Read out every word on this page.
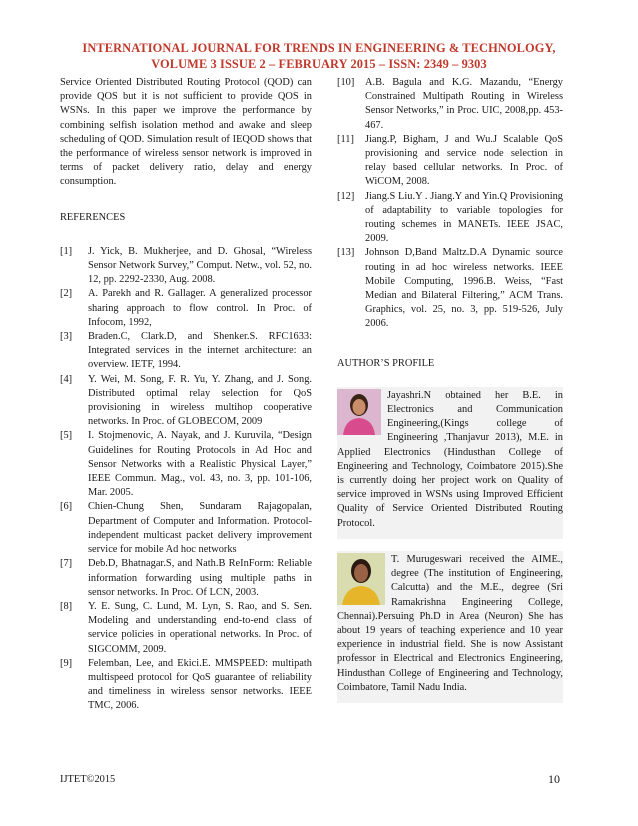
INTERNATIONAL JOURNAL FOR TRENDS IN ENGINEERING & TECHNOLOGY,
VOLUME 3 ISSUE 2 – FEBRUARY 2015 – ISSN: 2349 – 9303

Service Oriented Distributed Routing Protocol (QOD) can provide QOS but it is not sufficient to provide QOS in WSNs. In this paper we improve the performance by combining selfish isolation method and awake and sleep scheduling of QOD. Simulation result of IEQOD shows that the performance of wireless sensor network is improved in terms of packet delivery ratio, delay and energy consumption.

REFERENCES
[1]	J. Yick, B. Mukherjee, and D. Ghosal, “Wireless Sensor Network Survey,” Comput. Netw., vol. 52, no. 12, pp. 2292-2330, Aug. 2008.
[2]	A. Parekh and R. Gallager. A generalized processor sharing approach to flow control. In Proc. of Infocom, 1992,
[3]	Braden.C, Clark.D, and Shenker.S. RFC1633: Integrated services in the internet architecture: an overview. IETF, 1994.
[4]	Y. Wei, M. Song, F. R. Yu, Y. Zhang, and J. Song. Distributed optimal relay selection for QoS provisioning in wireless multihop cooperative networks. In Proc. of GLOBECOM, 2009
[5]	I. Stojmenovic, A. Nayak, and J. Kuruvila, “Design Guidelines for Routing Protocols in Ad Hoc and Sensor Networks with a Realistic Physical Layer,” IEEE Commun. Mag., vol. 43, no. 3, pp. 101-106, Mar. 2005.
[6]	Chien-Chung Shen, Sundaram Rajagopalan, Department of Computer and Information. Protocol-independent multicast packet delivery improvement service for mobile Ad hoc networks
[7]	Deb.D, Bhatnagar.S, and Nath.B ReInForm: Reliable information forwarding using multiple paths in sensor networks. In Proc. Of LCN, 2003.
[8]	Y. E. Sung, C. Lund, M. Lyn, S. Rao, and S. Sen. Modeling and understanding end-to-end class of service policies in operational networks. In Proc. of SIGCOMM, 2009.
[9]	Felemban, Lee, and Ekici.E. MMSPEED: multipath multispeed protocol for QoS guarantee of reliability and timeliness in wireless sensor networks. IEEE TMC, 2006.
[10]	A.B. Bagula and K.G. Mazandu, “Energy Constrained Multipath Routing in Wireless Sensor Networks,” in Proc. UIC, 2008,pp. 453-467.
[11]	Jiang.P, Bigham, J and Wu.J Scalable QoS provisioning and service node selection in relay based cellular networks. In Proc. of WiCOM, 2008.
[12]	Jiang.S Liu.Y . Jiang.Y and Yin.Q Provisioning of adaptability to variable topologies for routing schemes in MANETs. IEEE JSAC, 2009.
[13]	Johnson D,Band Maltz.D.A Dynamic source routing in ad hoc wireless networks. IEEE Mobile Computing, 1996.B. Weiss, “Fast Median and Bilateral Filtering,” ACM Trans. Graphics, vol. 25, no. 3, pp. 519-526, July 2006.
AUTHOR’S PROFILE
Jayashri.N obtained her B.E. in Electronics and Communication Engineering,(Kings college of Engineering ,Thanjavur 2013), M.E. in Applied Electronics (Hindusthan College of Engineering and Technology, Coimbatore 2015).She is currently doing her project work on Quality of service improved in WSNs using Improved Efficient Quality of Service Oriented Distributed Routing Protocol.
T. Murugeswari received the AIME., degree (The institution of Engineering, Calcutta) and the M.E., degree (Sri Ramakrishna Engineering College, Chennai).Persuing Ph.D in Area (Neuron) She has about 19 years of teaching experience and 10 year experience in industrial field. She is now Assistant professor in Electrical and Electronics Engineering, Hindusthan College of Engineering and Technology, Coimbatore, Tamil Nadu India.
IJTET©2015	10
